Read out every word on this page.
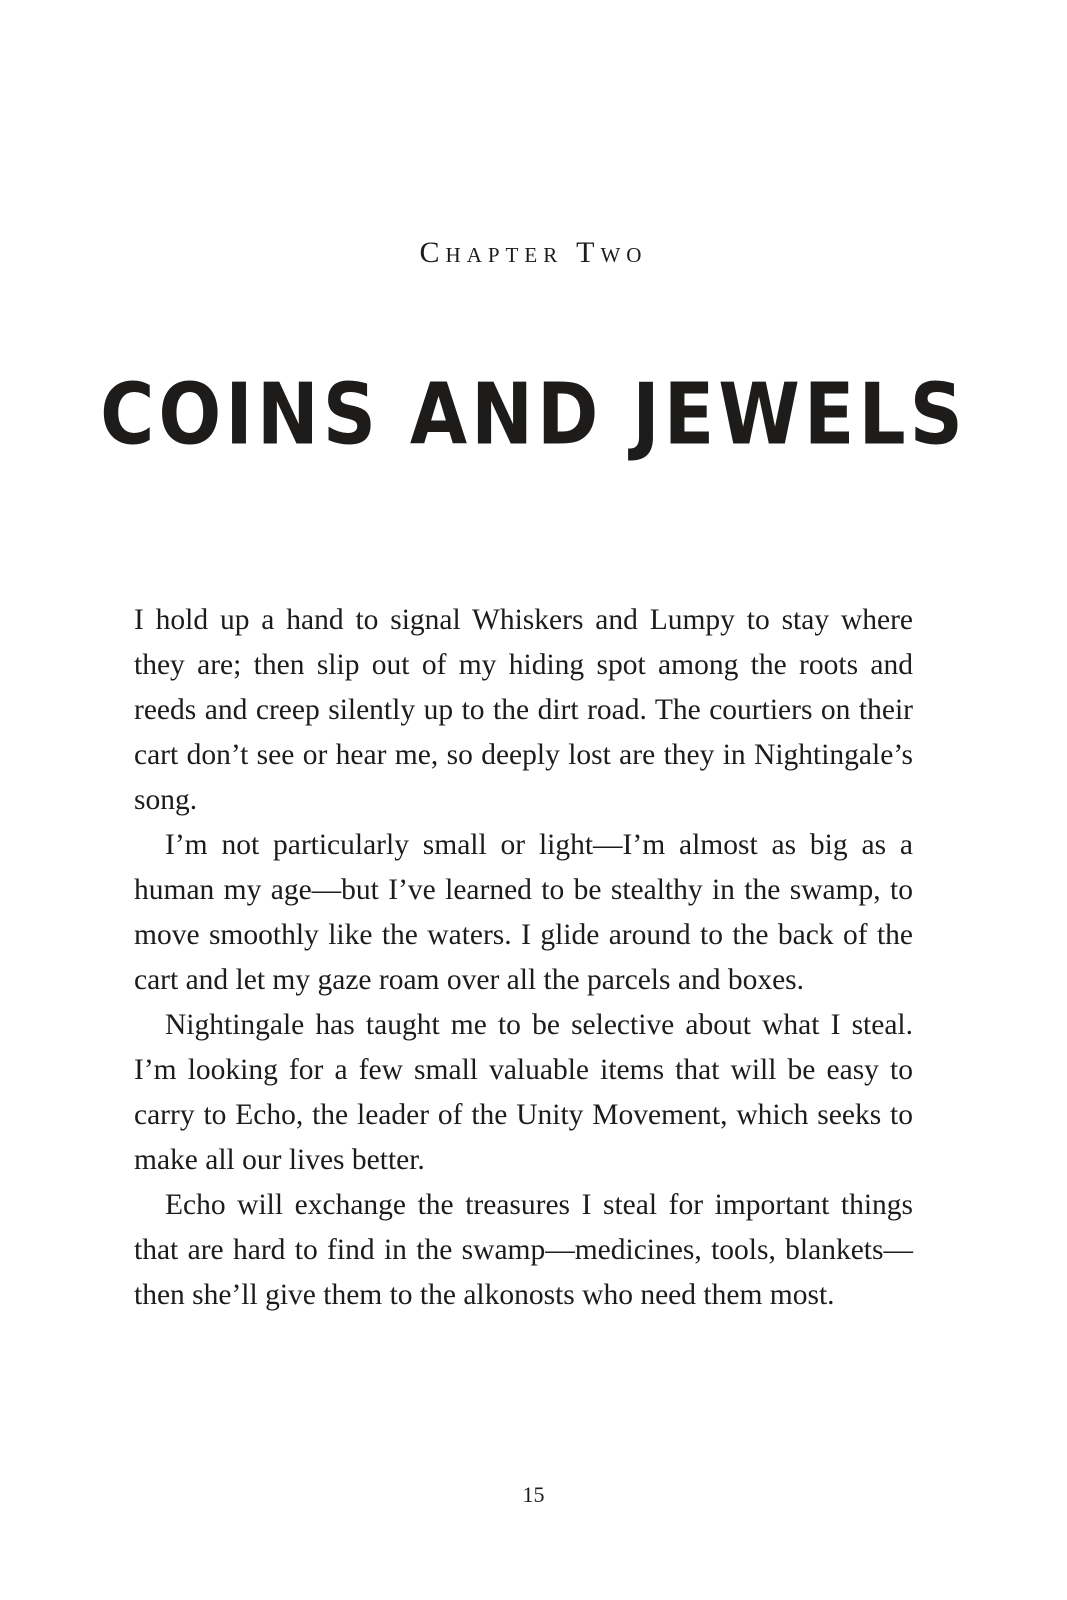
Chapter Two
COINS AND JEWELS

I hold up a hand to signal Whiskers and Lumpy to stay where they are; then slip out of my hiding spot among the roots and reeds and creep silently up to the dirt road. The courtiers on their cart don’t see or hear me, so deeply lost are they in Nightingale’s song.

I’m not particularly small or light—I’m almost as big as a human my age—but I’ve learned to be stealthy in the swamp, to move smoothly like the waters. I glide around to the back of the cart and let my gaze roam over all the parcels and boxes.

Nightingale has taught me to be selective about what I steal. I’m looking for a few small valuable items that will be easy to carry to Echo, the leader of the Unity Movement, which seeks to make all our lives better.

Echo will exchange the treasures I steal for important things that are hard to find in the swamp—medicines, tools, blankets—then she’ll give them to the alkonosts who need them most.

15
